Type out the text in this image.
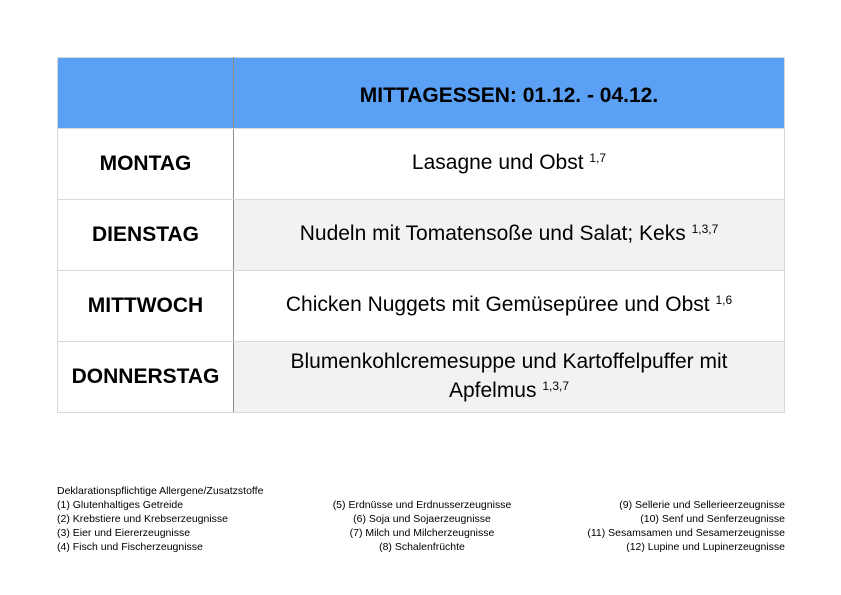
	MITTAGESSEN: 01.12. - 04.12.
MONTAG	Lasagne und Obst $^{1,7}$
DIENSTAG	Nudeln mit Tomatensoße und Salat; Keks $^{1,3,7}$
MITTWOCH	Chicken Nuggets mit Gemüsepüree und Obst $^{1,6}$
DONNERSTAG	Blumenkohlcremesuppe und Kartoffelpuffer mit Apfelmus $^{1,3,7}$
Deklarationspflichtige Allergene/Zusatzstoffe
(1) Glutenhaltiges Getreide
(2) Krebstiere und Krebserzeugnisse
(3) Eier und Eiererzeugnisse
(4) Fisch und Fischerzeugnisse
(5) Erdnüsse und Erdnusserzeugnisse
(6) Soja und Sojaerzeugnisse
(7) Milch und Milcherzeugnisse
(8) Schalenfrüchte
(9) Sellerie und Sellerieerzeugnisse
(10) Senf und Senferzeugnisse
(11) Sesamsamen und Sesamerzeugnisse
(12) Lupine und Lupinerzeugnisse
